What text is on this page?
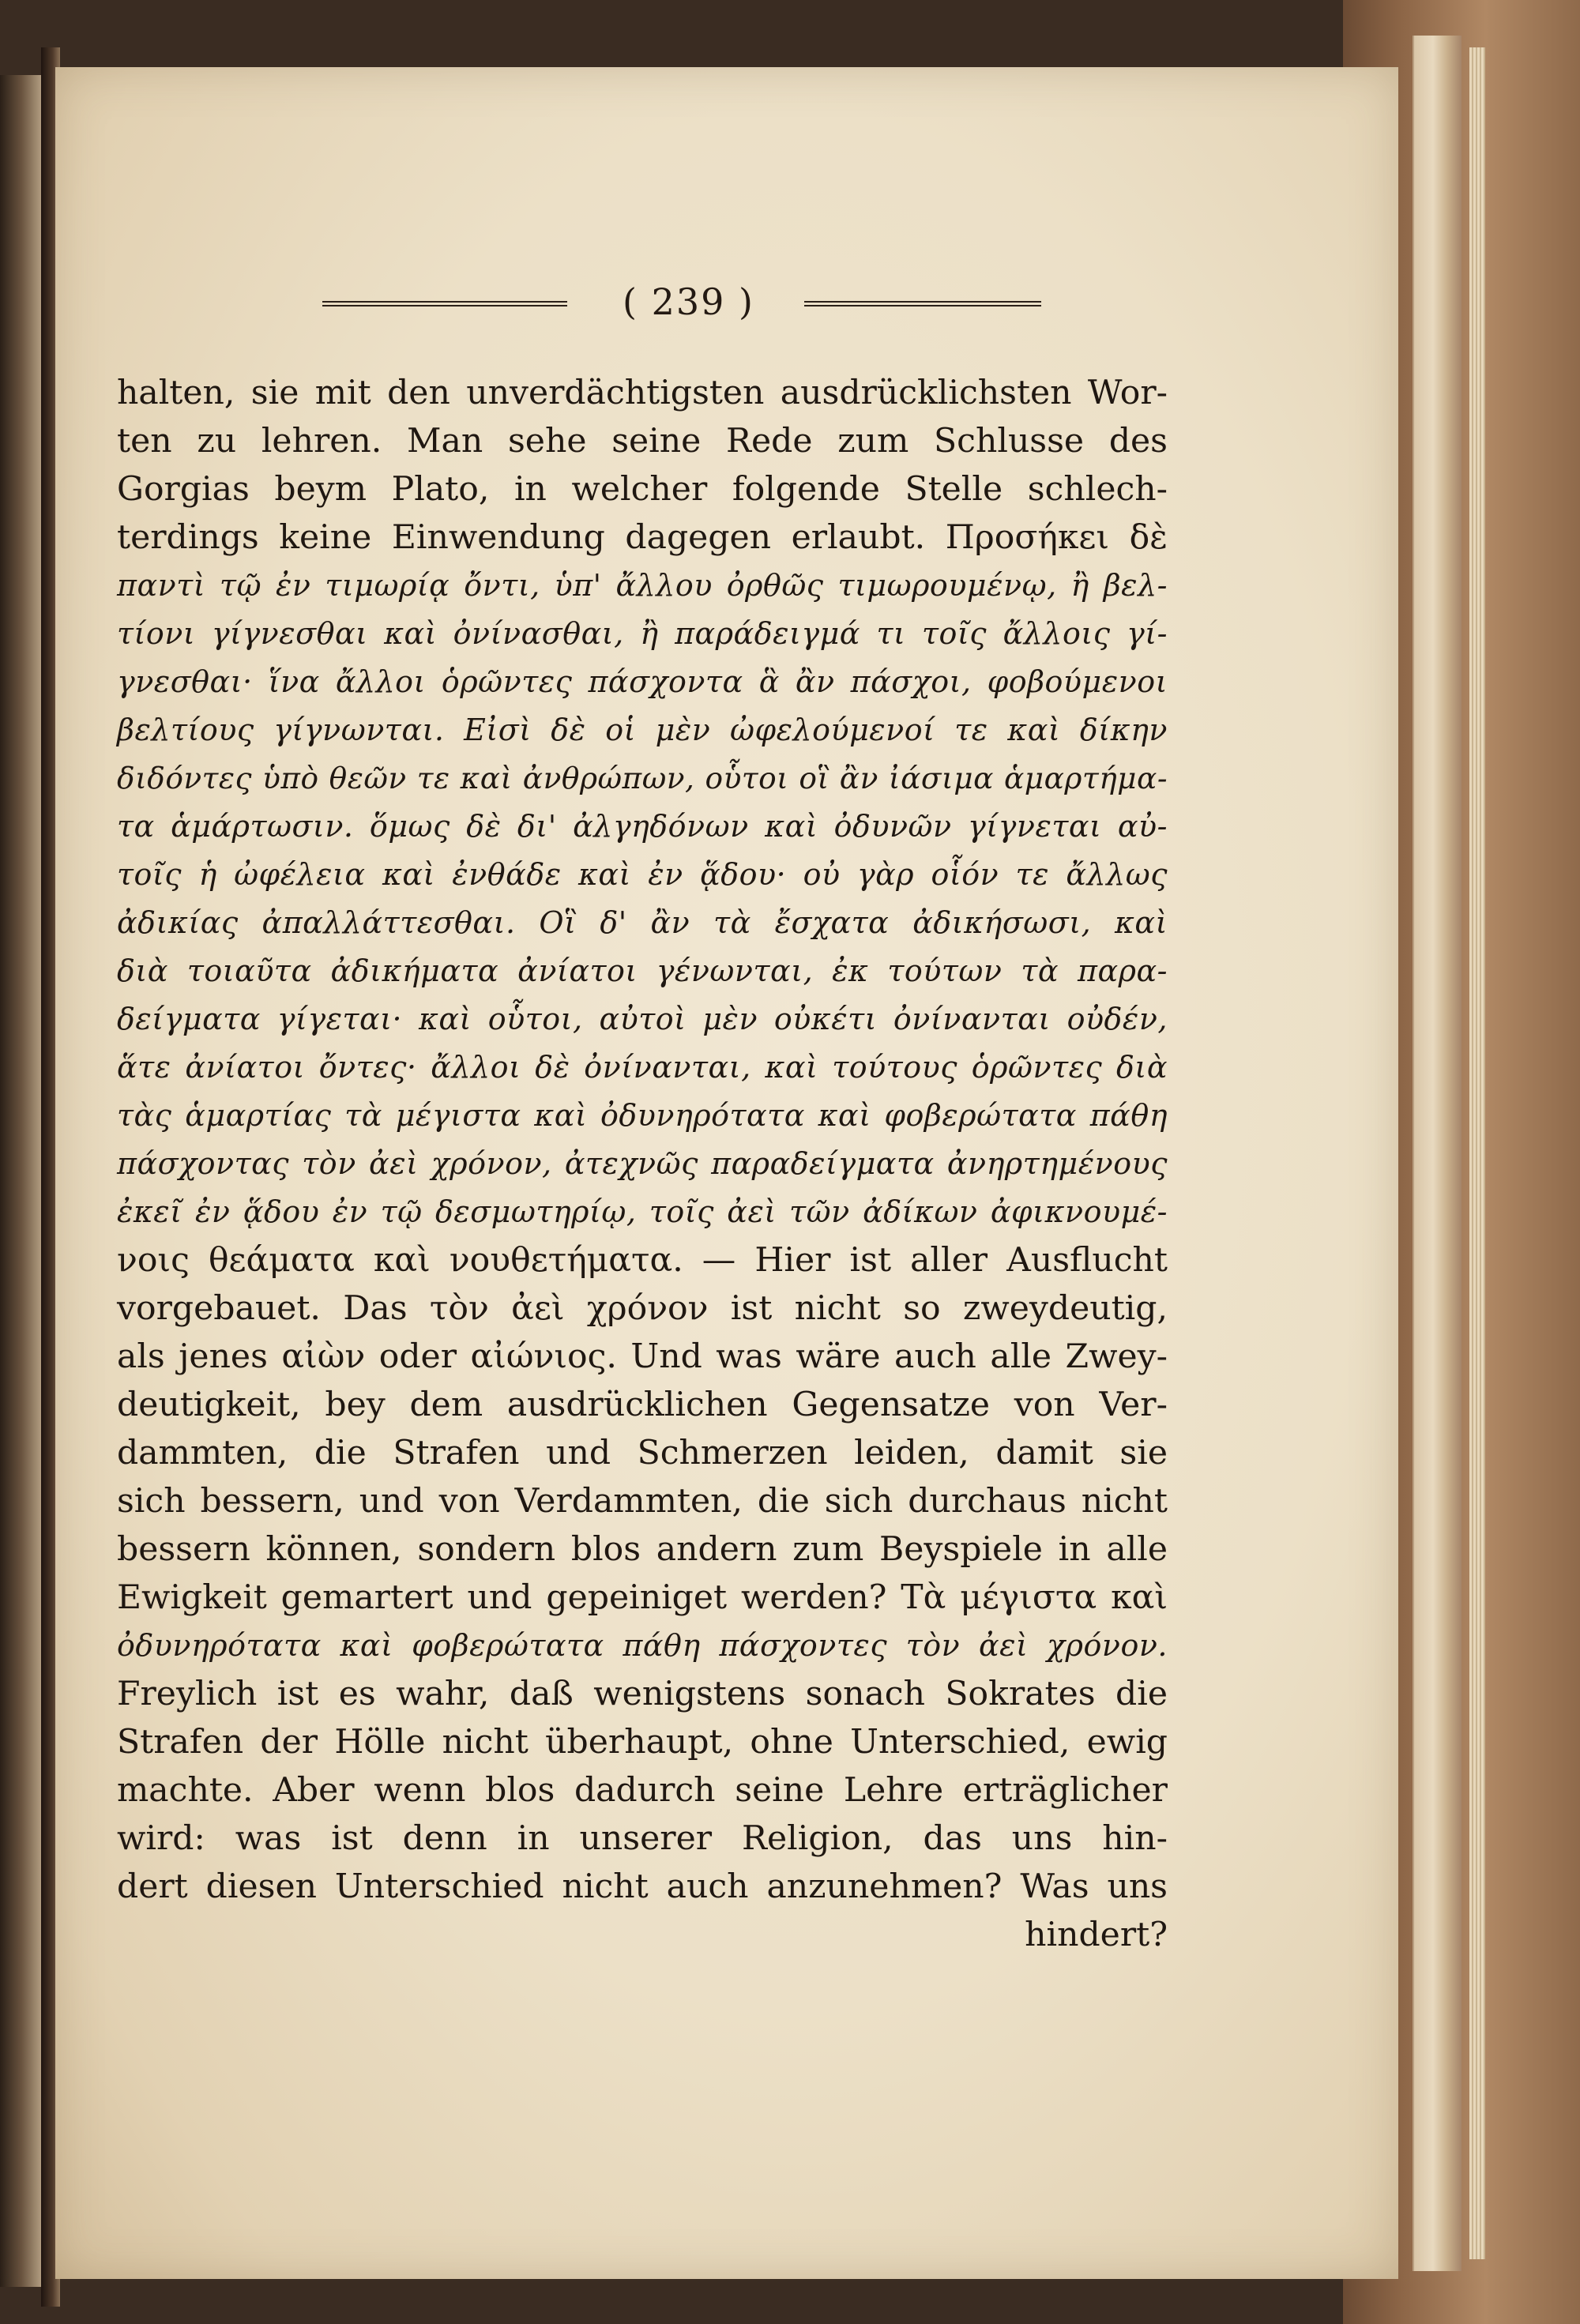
( 239 )
halten, sie mit den unverdächtigsten ausdrücklichsten Wor-
ten zu lehren. Man sehe seine Rede zum Schlusse des
Gorgias beym Plato, in welcher folgende Stelle schlech-
terdings keine Einwendung dagegen erlaubt. Προσήκει δὲ
παντὶ τῷ ἐν τιμωρίᾳ ὄντι, ὑπ' ἄλλου ὀρθῶς τιμωρουμένῳ, ἢ βελ-
τίονι γίγνεσθαι καὶ ὀνίνασθαι, ἢ παράδειγμά τι τοῖς ἄλλοις γί-
γνεσθαι· ἵνα ἄλλοι ὁρῶντες πάσχοντα ἃ ἂν πάσχοι, φοβούμενοι
βελτίους γίγνωνται. Εἰσὶ δὲ οἱ μὲν ὠφελούμενοί τε καὶ δίκην
διδόντες ὑπὸ θεῶν τε καὶ ἀνθρώπων, οὗτοι οἳ ἂν ἰάσιμα ἁμαρτήμα-
τα ἁμάρτωσιν. ὅμως δὲ δι' ἀλγηδόνων καὶ ὀδυνῶν γίγνεται αὐ-
τοῖς ἡ ὠφέλεια καὶ ἐνθάδε καὶ ἐν ᾅδου· οὐ γὰρ οἷόν τε ἄλλως
ἀδικίας ἀπαλλάττεσθαι. Οἳ δ' ἂν τὰ ἔσχατα ἀδικήσωσι, καὶ
διὰ τοιαῦτα ἀδικήματα ἀνίατοι γένωνται, ἐκ τούτων τὰ παρα-
δείγματα γίγεται· καὶ οὗτοι, αὐτοὶ μὲν οὐκέτι ὀνίνανται οὐδέν,
ἅτε ἀνίατοι ὄντες· ἄλλοι δὲ ὀνίνανται, καὶ τούτους ὁρῶντες διὰ
τὰς ἁμαρτίας τὰ μέγιστα καὶ ὀδυνηρότατα καὶ φοβερώτατα πάθη
πάσχοντας τὸν ἀεὶ χρόνον, ἀτεχνῶς παραδείγματα ἀνηρτημένους
ἐκεῖ ἐν ᾅδου ἐν τῷ δεσμωτηρίῳ, τοῖς ἀεὶ τῶν ἀδίκων ἀφικνουμέ-
νοις θεάματα καὶ νουθετήματα. — Hier ist aller Ausflucht
vorgebauet. Das τὸν ἀεὶ χρόνον ist nicht so zweydeutig,
als jenes αἰὼν oder αἰώνιος. Und was wäre auch alle Zwey-
deutigkeit, bey dem ausdrücklichen Gegensatze von Ver-
dammten, die Strafen und Schmerzen leiden, damit sie
sich bessern, und von Verdammten, die sich durchaus nicht
bessern können, sondern blos andern zum Beyspiele in alle
Ewigkeit gemartert und gepeiniget werden? Τὰ μέγιστα καὶ
ὀδυνηρότατα καὶ φοβερώτατα πάθη πάσχοντες τὸν ἀεὶ χρόνον.
Freylich ist es wahr, daß wenigstens sonach Sokrates die
Strafen der Hölle nicht überhaupt, ohne Unterschied, ewig
machte. Aber wenn blos dadurch seine Lehre erträglicher
wird: was ist denn in unserer Religion, das uns hin-
dert diesen Unterschied nicht auch anzunehmen? Was uns
hindert?
